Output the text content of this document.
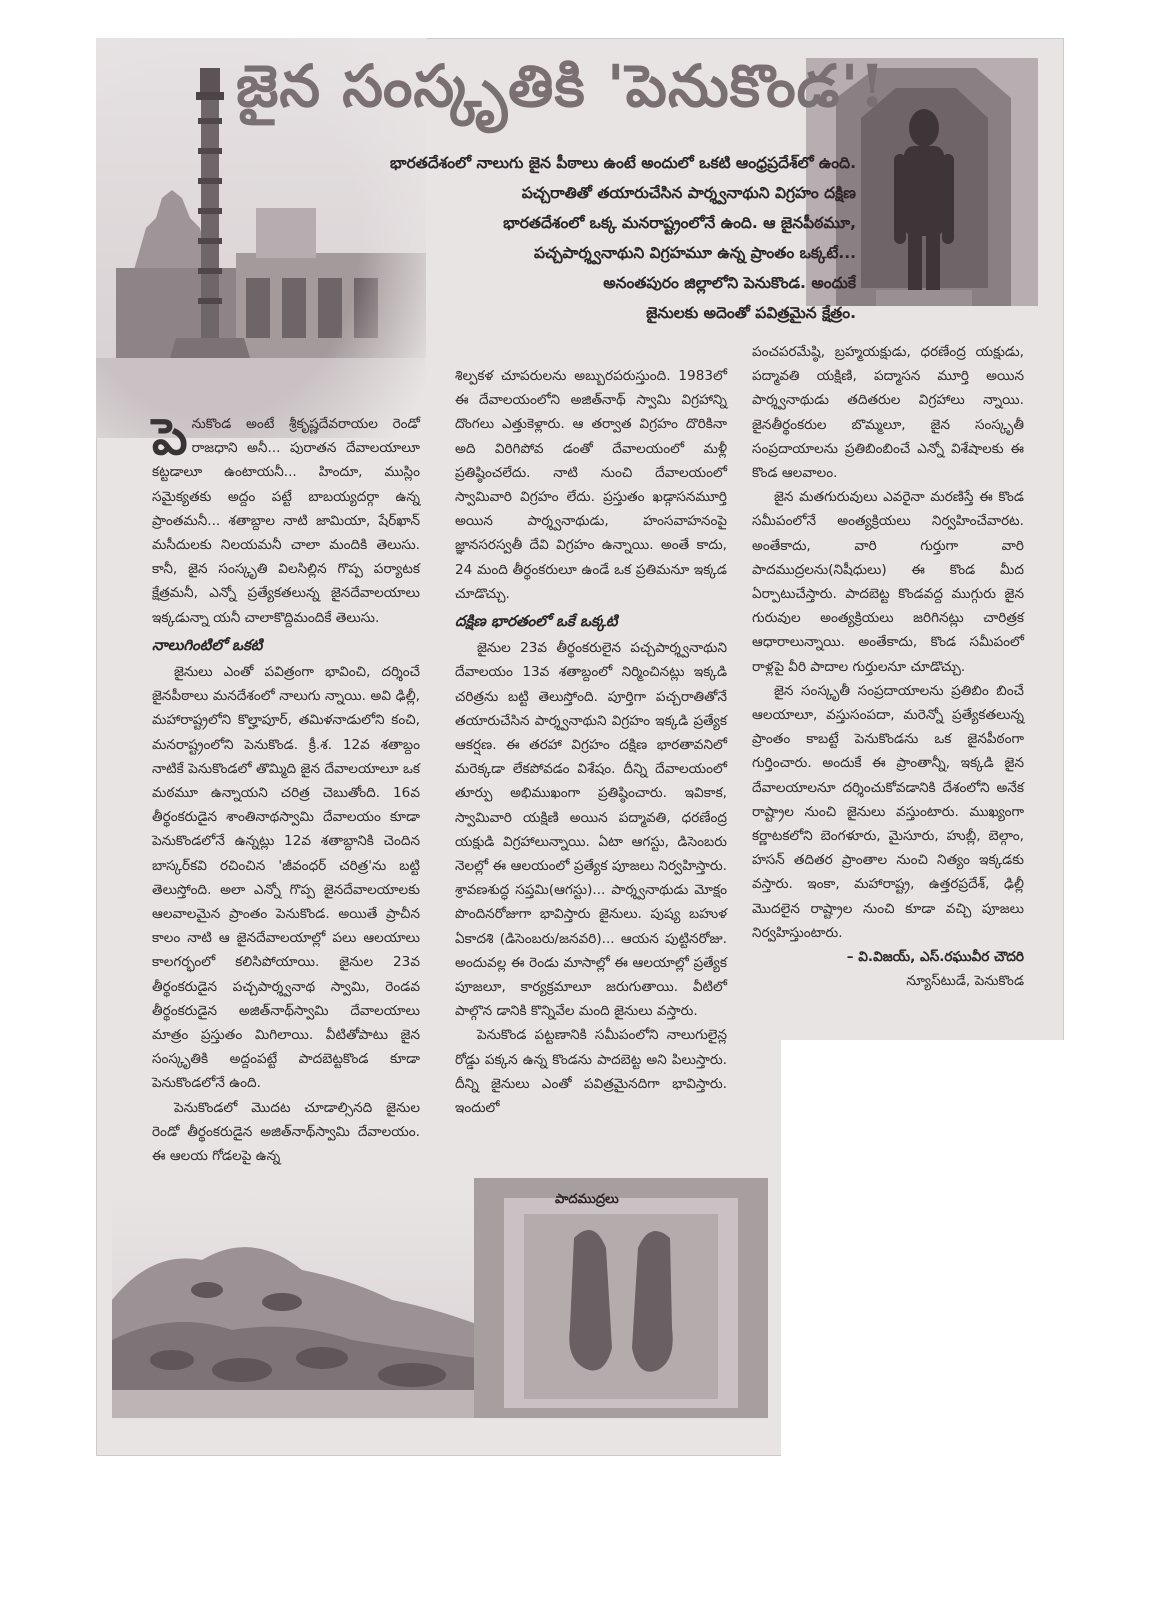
జైన సంస్కృతికి 'పెనుకొండ'!
భారతదేశంలో నాలుగు జైన పీఠాలు ఉంటే అందులో ఒకటి ఆంధ్రప్రదేశ్‌లో ఉంది.
పచ్చరాతితో తయారుచేసిన పార్శ్వనాథుని విగ్రహం దక్షిణ
భారతదేశంలో ఒక్క మనరాష్ట్రంలోనే ఉంది. ఆ జైనపీఠమూ,
పచ్చపార్శ్వనాథుని విగ్రహమూ ఉన్న ప్రాంతం ఒక్కటే...
అనంతపురం జిల్లాలోని పెనుకొండ. అందుకే
జైనులకు అదెంతో పవిత్రమైన క్షేత్రం.

పెనుకొండ అంటే శ్రీకృష్ణదేవరాయల రెండో రాజధాని అనీ... పురాతన దేవాలయాలూ కట్టడాలూ ఉంటాయనీ... హిందూ, ముస్లిం సమైక్యతకు అద్దం పట్టే బాబయ్యదర్గా ఉన్న ప్రాంతమనీ... శతాబ్దాల నాటి జామియా, షేర్‌ఖాన్ మసీదులకు నిలయమనీ చాలా మందికి తెలుసు. కానీ, జైన సంస్కృతి విలసిల్లిన గొప్ప పర్యాటక క్షేత్రమనీ, ఎన్నో ప్రత్యేకతలున్న జైనదేవాలయాలు ఇక్కడున్నా యనీ చాలాకొద్దిమందికే తెలుసు.

నాలుగింటిలో ఒకటి

జైనులు ఎంతో పవిత్రంగా భావించి, దర్శించే జైనపీఠాలు మనదేశంలో నాలుగు న్నాయి. అవి ఢిల్లీ, మహారాష్ట్రలోని కొల్హాపూర్, తమిళనాడులోని కంచి, మనరాష్ట్రంలోని పెనుకొండ. క్రీ.శ. 12వ శతాబ్దం నాటికే పెనుకొండలో తొమ్మిది జైన దేవాలయాలూ ఒక మఠమూ ఉన్నాయని చరిత్ర చెబుతోంది. 16వ తీర్థంకరుడైన శాంతినాథస్వామి దేవాలయం కూడా పెనుకొండలోనే ఉన్నట్లు 12వ శతాబ్దానికి చెందిన బాస్కర్‌కవి రచించిన 'జీవంధర్ చరిత్ర'ను బట్టి తెలుస్తోంది. అలా ఎన్నో గొప్ప జైనదేవాలయాలకు ఆలవాలమైన ప్రాంతం పెనుకొండ. అయితే ప్రాచీన కాలం నాటి ఆ జైనదేవాలయాల్లో పలు ఆలయాలు కాలగర్భంలో కలిసిపోయాయి. జైనుల 23వ తీర్థంకరుడైన పచ్చపార్శ్వనాథ స్వామి, రెండవ తీర్థంకరుడైన అజిత్‌నాథ్‌స్వామి దేవాలయాలు మాత్రం ప్రస్తుతం మిగిలాయి. వీటితోపాటు జైన సంస్కృతికి అద్దంపట్టే పాదబెట్టకొండ కూడా పెనుకొండలోనే ఉంది.

పెనుకొండలో మొదట చూడాల్సినది జైనుల రెండో తీర్థంకరుడైన అజిత్‌నాథ్‌స్వామి దేవాలయం. ఈ ఆలయ గోడలపై ఉన్న

శిల్పకళ చూపరులను అబ్బురపరుస్తుంది. 1983లో ఈ దేవాలయంలోని అజిత్‌నాథ్ స్వామి విగ్రహాన్ని దొంగలు ఎత్తుకెళ్లారు. ఆ తర్వాత విగ్రహం దొరికినా అది విరిగిపోవ డంతో దేవాలయంలో మళ్లీ ప్రతిష్ఠించలేదు. నాటి నుంచి దేవాలయంలో స్వామివారి విగ్రహం లేదు. ప్రస్తుతం ఖడ్గాసనమూర్తి అయిన పార్శ్వనాథుడు, హంసవాహనంపై జ్ఞానసరస్వతీ దేవి విగ్రహం ఉన్నాయి. అంతే కాదు, 24 మంది తీర్థంకరులూ ఉండే ఒక ప్రతిమనూ ఇక్కడ చూడొచ్చు.

దక్షిణ భారతంలో ఒకే ఒక్కటి

జైనుల 23వ తీర్థంకరులైన పచ్చపార్శ్వనాథుని దేవాలయం 13వ శతాబ్దంలో నిర్మించినట్లు ఇక్కడి చరిత్రను బట్టి తెలుస్తోంది. పూర్తిగా పచ్చరాతితోనే తయారుచేసిన పార్శ్వనాథుని విగ్రహం ఇక్కడి ప్రత్యేక ఆకర్షణ. ఈ తరహా విగ్రహం దక్షిణ భారతావనిలో మరెక్కడా లేకపోవడం విశేషం. దీన్ని దేవాలయంలో తూర్పు అభిముఖంగా ప్రతిష్ఠించారు. ఇవికాక, స్వామివారి యక్షిణి అయిన పద్మావతి, ధరణేంద్ర యక్షుడి విగ్రహాలున్నాయి. ఏటా ఆగస్టు, డిసెంబరు నెలల్లో ఈ ఆలయంలో ప్రత్యేక పూజలు నిర్వహిస్తారు. శ్రావణశుద్ధ సప్తమి(ఆగస్టు)... పార్శ్వనాథుడు మోక్షం పొందినరోజుగా భావిస్తారు జైనులు. పుష్య బహుళ ఏకాదశి (డిసెంబరు/జనవరి)... ఆయన పుట్టినరోజు. అందువల్ల ఈ రెండు మాసాల్లో ఈ ఆలయాల్లో ప్రత్యేక పూజలూ, కార్యక్రమాలూ జరుగుతాయి. వీటిలో పాల్గొన డానికి కొన్నివేల మంది జైనులు వస్తారు.

పెనుకొండ పట్టణానికి సమీపంలోని నాలుగులైన్ల రోడ్డు పక్కన ఉన్న కొండను పాదబెట్ట అని పిలుస్తారు. దీన్ని జైనులు ఎంతో పవిత్రమైనదిగా భావిస్తారు. ఇందులో

పంచపరమేష్ఠి, బ్రహ్మయక్షుడు, ధరణేంద్ర యక్షుడు, పద్మావతి యక్షిణి, పద్మాసన మూర్తి అయిన పార్శ్వనాథుడు తదితరుల విగ్రహాలు న్నాయి. జైనతీర్థంకరుల బొమ్మలూ, జైన సంస్కృతీ సంప్రదాయాలను ప్రతిబింబించే ఎన్నో విశేషాలకు ఈ కొండ ఆలవాలం.

జైన మతగురువులు ఎవరైనా మరణిస్తే ఈ కొండ సమీపంలోనే అంత్యక్రియలు నిర్వహించేవారట. అంతేకాదు, వారి గుర్తుగా వారి పాదముద్రలను(నిషీధులు) ఈ కొండ మీద ఏర్పాటుచేస్తారు. పాదబెట్ట కొండవద్ద ముగ్గురు జైన గురువుల అంత్యక్రియలు జరిగినట్లు చారిత్రక ఆధారాలున్నాయి. అంతేకాదు, కొండ సమీపంలో రాళ్లపై వీరి పాదాల గుర్తులనూ చూడొచ్చు.

జైన సంస్కృతీ సంప్రదాయాలను ప్రతిబిం బించే ఆలయాలూ, వస్తుసంపదా, మరెన్నో ప్రత్యేకతలున్న ప్రాంతం కాబట్టే పెనుకొండను ఒక జైనపీఠంగా గుర్తించారు. అందుకే ఈ ప్రాంతాన్నీ, ఇక్కడి జైన దేవాలయాలనూ దర్శించుకోవడానికి దేశంలోని అనేక రాష్ట్రాల నుంచి జైనులు వస్తుంటారు. ముఖ్యంగా కర్ణాటకలోని బెంగళూరు, మైసూరు, హుబ్లీ, బెల్గాం, హసన్ తదితర ప్రాంతాల నుంచి నిత్యం ఇక్కడకు వస్తారు. ఇంకా, మహారాష్ట్ర, ఉత్తరప్రదేశ్, ఢిల్లీ మొదలైన రాష్ట్రాల నుంచి కూడా వచ్చి పూజలు నిర్వహిస్తుంటారు.

– వి.విజయ్, ఎస్.రఘువీర చౌదరి

న్యూస్‌టుడే, పెనుకొండ

పాదముద్రలు
